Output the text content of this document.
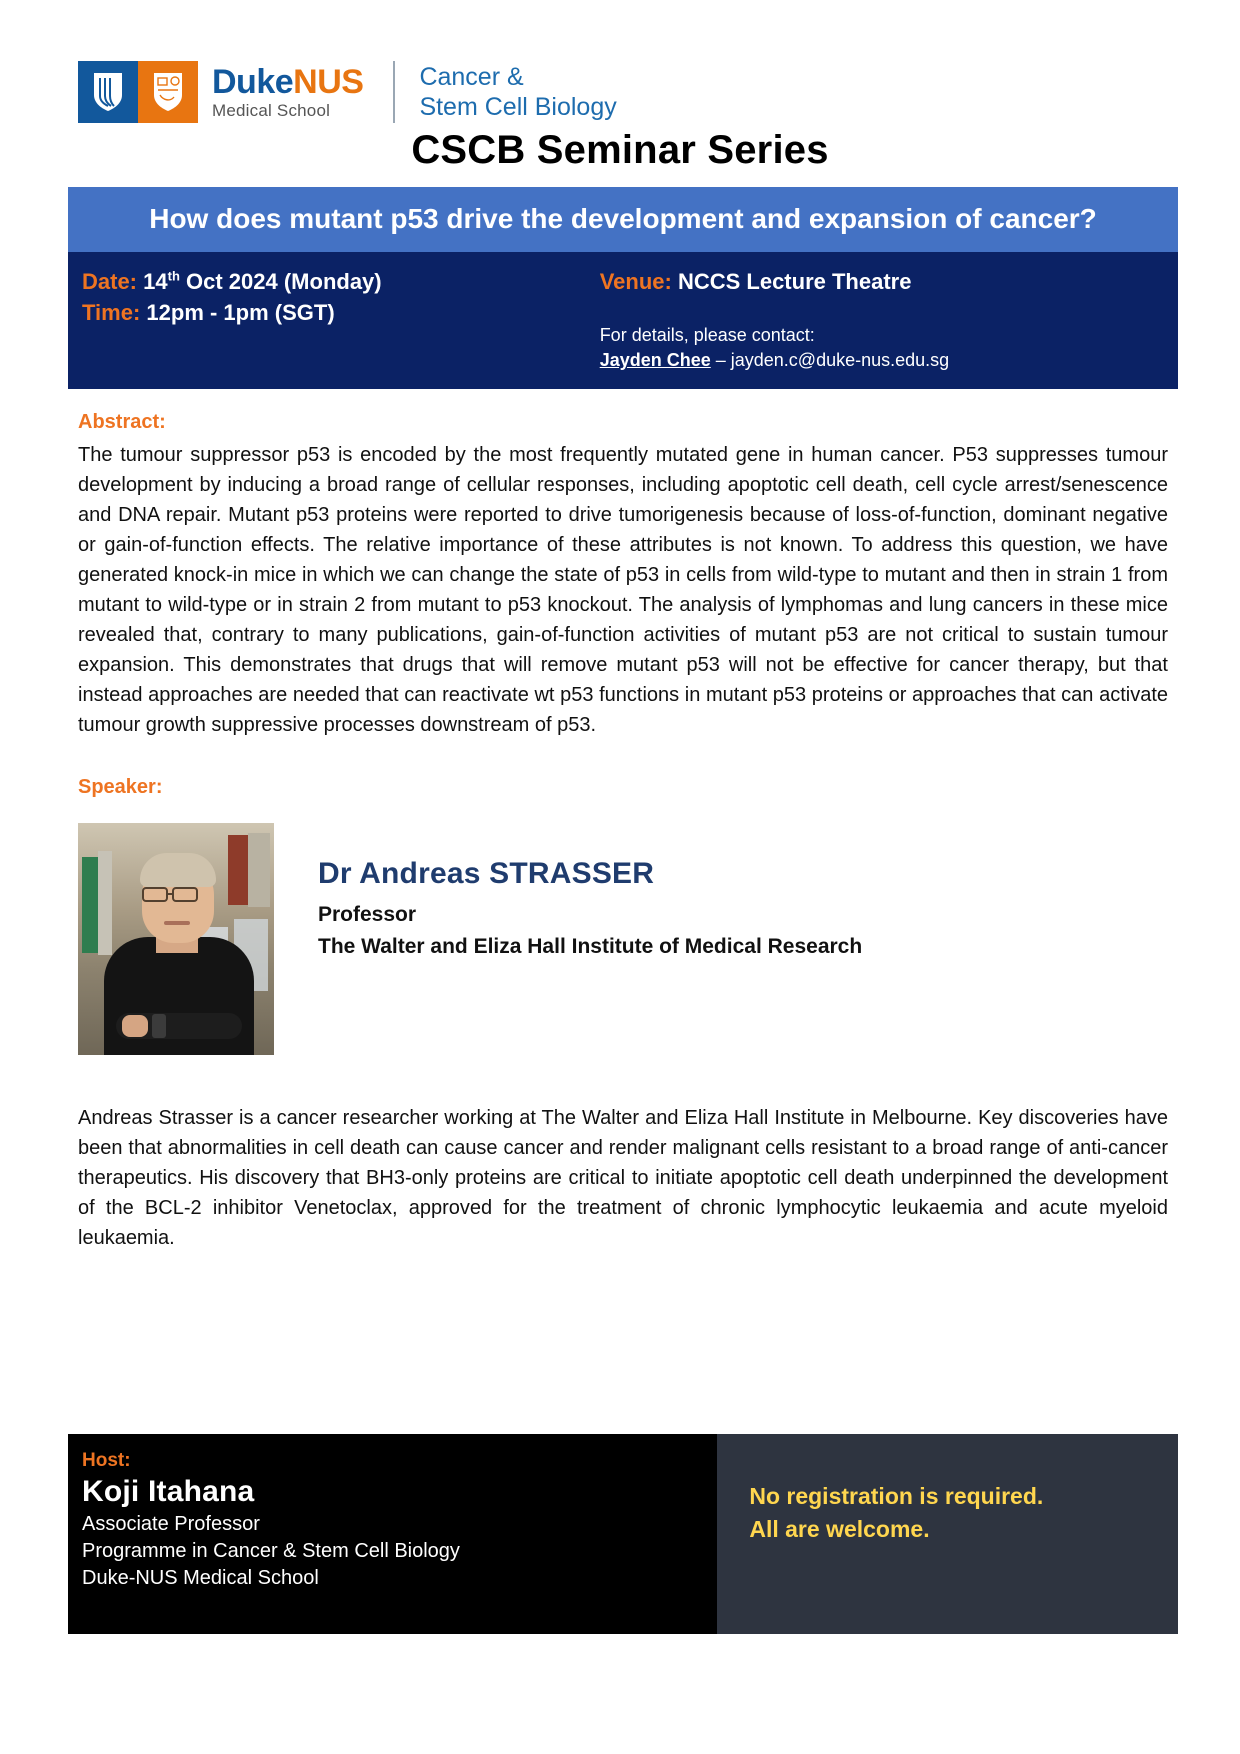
DukeNUS
Medical School
Cancer &
Stem Cell Biology
CSCB Seminar Series
How does mutant p53 drive the development and expansion of cancer?
Date: 14th Oct 2024 (Monday)
Time: 12pm - 1pm (SGT)
Venue: NCCS Lecture Theatre
For details, please contact:
Jayden Chee – jayden.c@duke-nus.edu.sg
Abstract:
The tumour suppressor p53 is encoded by the most frequently mutated gene in human cancer. P53 suppresses tumour development by inducing a broad range of cellular responses, including apoptotic cell death, cell cycle arrest/senescence and DNA repair. Mutant p53 proteins were reported to drive tumorigenesis because of loss-of-function, dominant negative or gain-of-function effects. The relative importance of these attributes is not known. To address this question, we have generated knock-in mice in which we can change the state of p53 in cells from wild-type to mutant and then in strain 1 from mutant to wild-type or in strain 2 from mutant to p53 knockout. The analysis of lymphomas and lung cancers in these mice revealed that, contrary to many publications, gain-of-function activities of mutant p53 are not critical to sustain tumour expansion. This demonstrates that drugs that will remove mutant p53 will not be effective for cancer therapy, but that instead approaches are needed that can reactivate wt p53 functions in mutant p53 proteins or approaches that can activate tumour growth suppressive processes downstream of p53.
Speaker:
Dr Andreas STRASSER
Professor
The Walter and Eliza Hall Institute of Medical Research
Andreas Strasser is a cancer researcher working at The Walter and Eliza Hall Institute in Melbourne. Key discoveries have been that abnormalities in cell death can cause cancer and render malignant cells resistant to a broad range of anti-cancer therapeutics. His discovery that BH3-only proteins are critical to initiate apoptotic cell death underpinned the development of the BCL-2 inhibitor Venetoclax, approved for the treatment of chronic lymphocytic leukaemia and acute myeloid leukaemia.
Host:
Koji Itahana
Associate Professor
Programme in Cancer & Stem Cell Biology
Duke-NUS Medical School
No registration is required.
All are welcome.
